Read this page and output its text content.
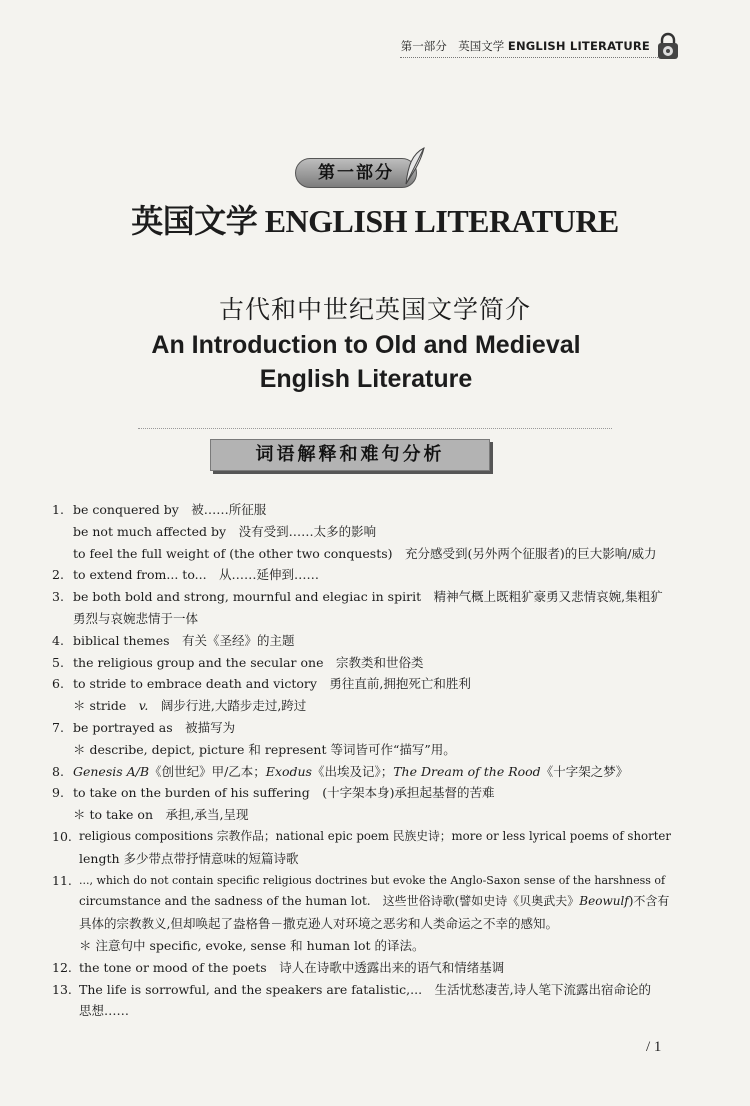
第一部分　英国文学 ENGLISH LITERATURE
第一部分
英国文学 ENGLISH LITERATURE
古代和中世纪英国文学简介
An Introduction to Old and Medieval
English Literature
词语解释和难句分析
1. be conquered by　被……所征服
be not much affected by　没有受到……太多的影响
to feel the full weight of (the other two conquests)　充分感受到(另外两个征服者)的巨大影响/威力
2. to extend from... to...　从……延伸到……
3. be both bold and strong, mournful and elegiac in spirit　精神气概上既粗犷豪勇又悲情哀婉,集粗犷
勇烈与哀婉悲情于一体
4. biblical themes　有关《圣经》的主题
5. the religious group and the secular one　宗教类和世俗类
6. to stride to embrace death and victory　勇往直前,拥抱死亡和胜利
＊ stride　v.　阔步行进,大踏步走过,跨过
7. be portrayed as　被描写为
＊ describe, depict, picture 和 represent 等词皆可作“描写”用。
8. Genesis A/B《创世纪》甲/乙本；Exodus《出埃及记》；The Dream of the Rood《十字架之梦》
9. to take on the burden of his suffering　(十字架本身)承担起基督的苦难
＊ to take on　承担,承当,呈现
10. religious compositions 宗教作品；national epic poem 民族史诗；more or less lyrical poems of shorter
length 多少带点带抒情意味的短篇诗歌
11. ..., which do not contain specific religious doctrines but evoke the Anglo-Saxon sense of the harshness of
circumstance and the sadness of the human lot.　这些世俗诗歌(譬如史诗《贝奥武夫》Beowulf)不含有
具体的宗教教义,但却唤起了盎格鲁－撒克逊人对环境之恶劣和人类命运之不幸的感知。
＊ 注意句中 specific, evoke, sense 和 human lot 的译法。
12. the tone or mood of the poets　诗人在诗歌中透露出来的语气和情绪基调
13. The life is sorrowful, and the speakers are fatalistic,...　生活忧愁凄苦,诗人笔下流露出宿命论的
思想……
/ 1
